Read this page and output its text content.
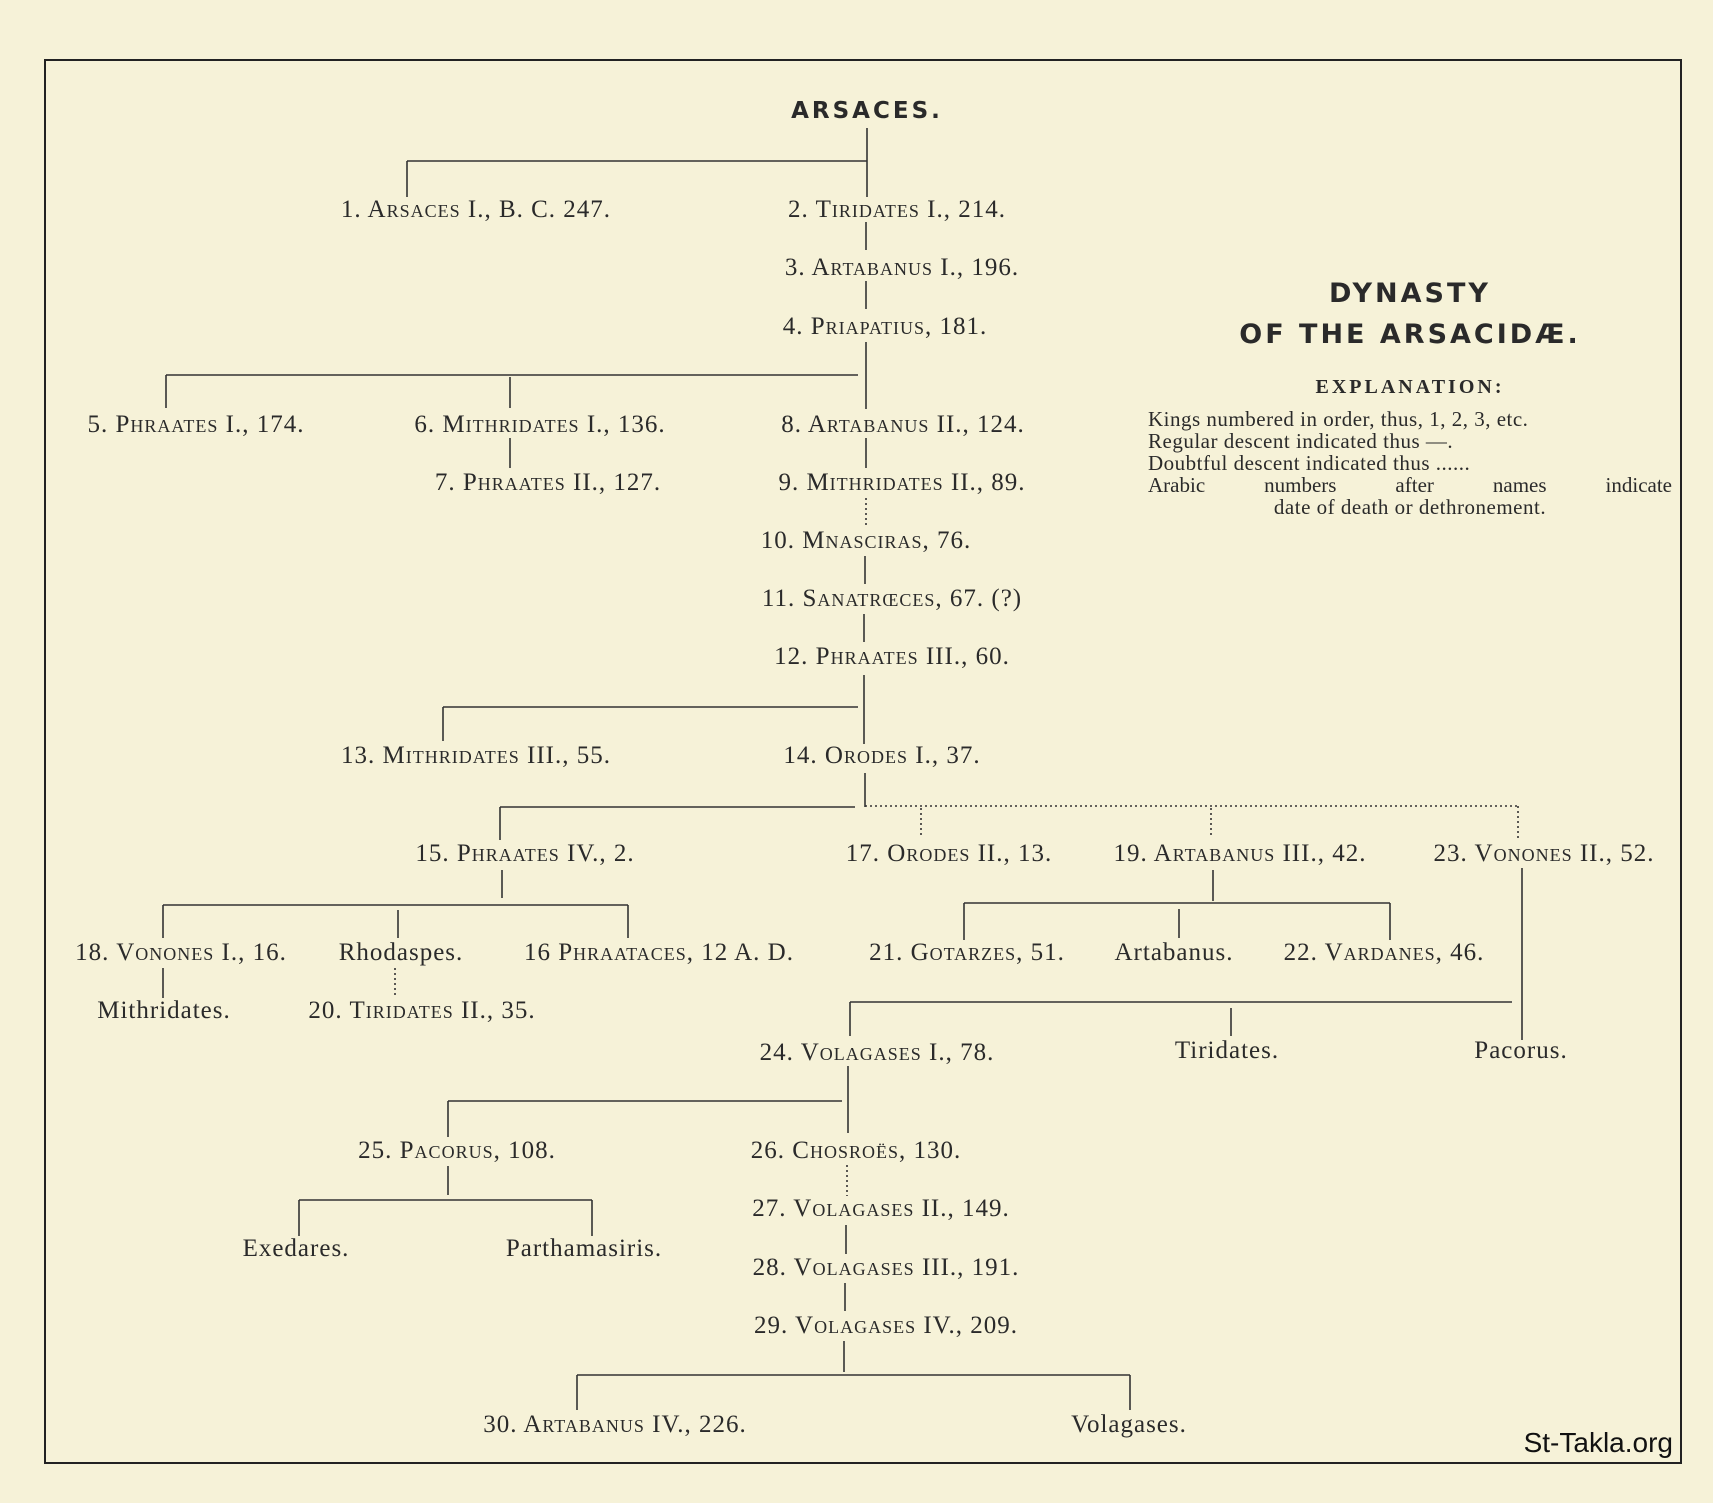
ARSACES.
DYNASTY
OF THE ARSACIDÆ.
EXPLANATION:
Kings numbered in order, thus, 1, 2, 3, etc.
Regular descent indicated thus —.
Doubtful descent indicated thus ......
Arabic numbers after names indicate
date of death or dethronement.
1. Arsaces I., B. C. 247.	2. Tiridates I., 214.
3. Artabanus I., 196.
4. Priapatius, 181.
5. Phraates I., 174.	6. Mithridates I., 136.	8. Artabanus II., 124.
7. Phraates II., 127.	9. Mithridates II., 89.
10. Mnasciras, 76.
11. Sanatrœces, 67. (?)
12. Phraates III., 60.
13. Mithridates III., 55.	14. Orodes I., 37.
15. Phraates IV., 2.	17. Orodes II., 13. 19. Artabanus III., 42.	23. Vonones II., 52.
18. Vonones I., 16. Rhodaspes. 16 Phraataces, 12 A. D.	21. Gotarzes, 51. Artabanus. 22. Vardanes, 46.
Mithridates.	20. Tiridates II., 35.
24. Volagases I., 78.	Tiridates.	Pacorus.
25. Pacorus, 108.	26. Chosroës, 130.
Exedares.	Parthamasiris.
27. Volagases II., 149.
28. Volagases III., 191.
29. Volagases IV., 209.
30. Artabanus IV., 226.	Volagases.
St-Takla.org
